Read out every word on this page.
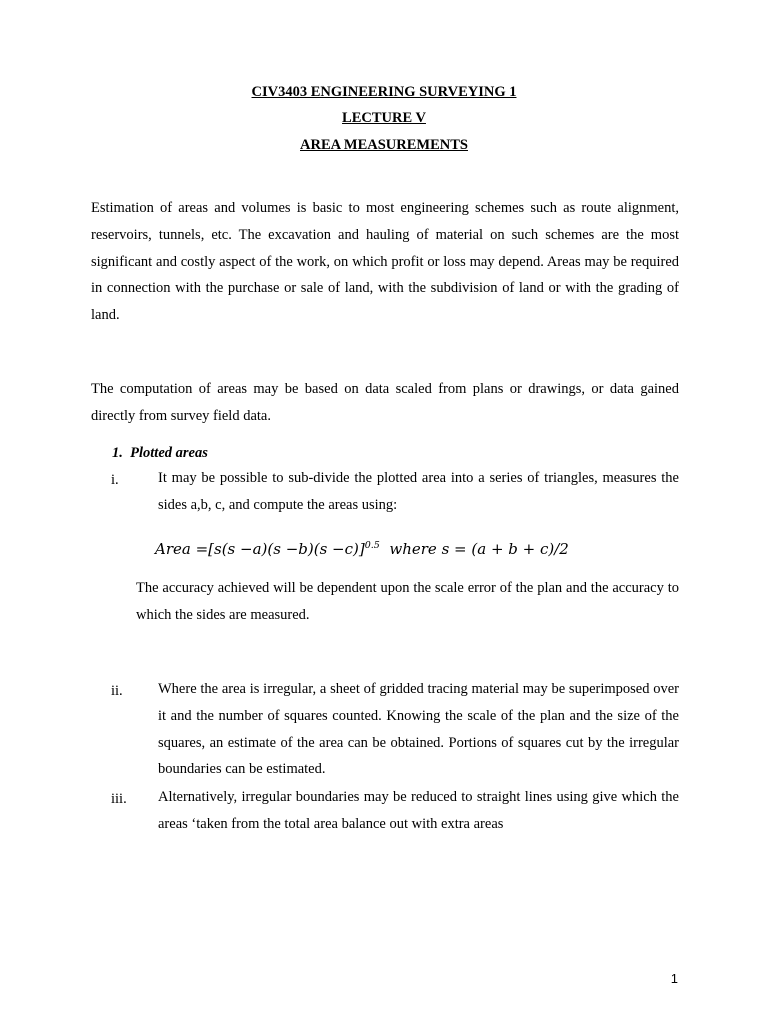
CIV3403 ENGINEERING SURVEYING 1
LECTURE V
AREA MEASUREMENTS

Estimation of areas and volumes is basic to most engineering schemes such as route alignment, reservoirs, tunnels, etc. The excavation and hauling of material on such schemes are the most significant and costly aspect of the work, on which profit or loss may depend. Areas may be required in connection with the purchase or sale of land, with the subdivision of land or with the grading of land.

The computation of areas may be based on data scaled from plans or drawings, or data gained directly from survey field data.

1.  Plotted areas
i.	It may be possible to sub-divide the plotted area into a series of triangles, measures the sides a,b, c, and compute the areas using:

Area $=[s(s -a)(s -b)(s -c)]^{0.5}$  where s = (a + b + c)/2

The accuracy achieved will be dependent upon the scale error of the plan and the accuracy to which the sides are measured.

ii. Where the area is irregular, a sheet of gridded tracing material may be superimposed over it and the number of squares counted. Knowing the scale of the plan and the size of the squares, an estimate of the area can be obtained. Portions of squares cut by the irregular boundaries can be estimated.

iii. Alternatively, irregular boundaries may be reduced to straight lines using give which the areas ‘taken from the total area balance out with extra areas

1
